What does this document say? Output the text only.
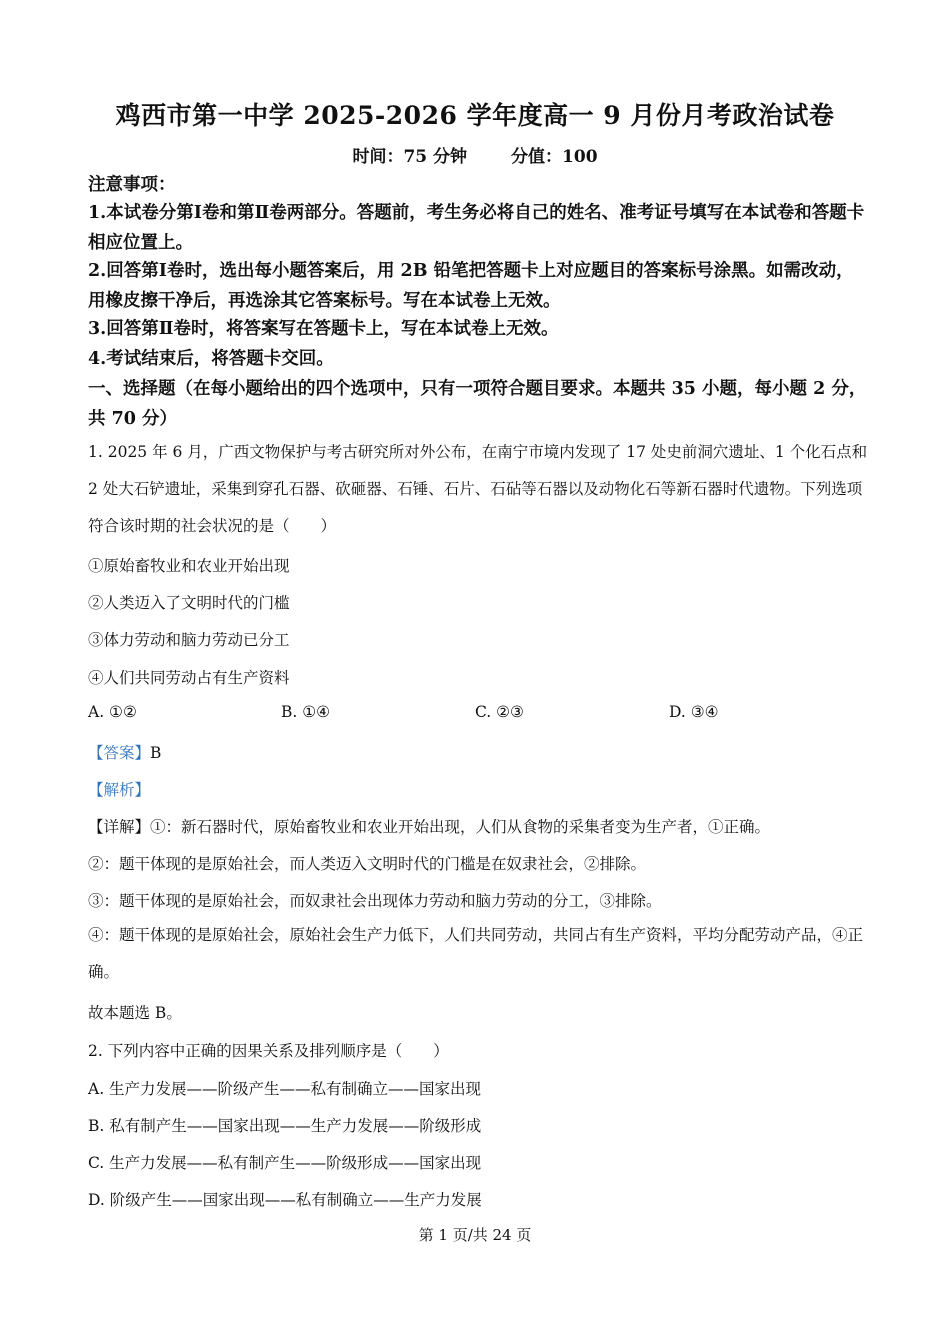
鸡西市第一中学 2025-2026 学年度高一 9 月份月考政治试卷
时间：75 分钟	分值：100
注意事项：
1.本试卷分第Ⅰ卷和第Ⅱ卷两部分。答题前，考生务必将自己的姓名、准考证号填写在本试卷和答题卡相应位置上。
2.回答第Ⅰ卷时，选出每小题答案后，用 2B 铅笔把答题卡上对应题目的答案标号涂黑。如需改动，用橡皮擦干净后，再选涂其它答案标号。写在本试卷上无效。
3.回答第Ⅱ卷时，将答案写在答题卡上，写在本试卷上无效。
4.考试结束后，将答题卡交回。
一、选择题（在每小题给出的四个选项中，只有一项符合题目要求。本题共 35 小题，每小题 2 分，共 70 分）
1. 2025 年 6 月，广西文物保护与考古研究所对外公布，在南宁市境内发现了 17 处史前洞穴遗址、1 个化石点和 2 处大石铲遗址，采集到穿孔石器、砍砸器、石锤、石片、石砧等石器以及动物化石等新石器时代遗物。下列选项符合该时期的社会状况的是（　　）
①原始畜牧业和农业开始出现
②人类迈入了文明时代的门槛
③体力劳动和脑力劳动已分工
④人们共同劳动占有生产资料
A. ①②	B. ①④	C. ②③	D. ③④
【答案】B
【解析】
【详解】①：新石器时代，原始畜牧业和农业开始出现，人们从食物的采集者变为生产者，①正确。
②：题干体现的是原始社会，而人类迈入文明时代的门槛是在奴隶社会，②排除。
③：题干体现的是原始社会，而奴隶社会出现体力劳动和脑力劳动的分工，③排除。
④：题干体现的是原始社会，原始社会生产力低下，人们共同劳动，共同占有生产资料，平均分配劳动产品，④正确。
故本题选 B。
2. 下列内容中正确的因果关系及排列顺序是（　　）
A. 生产力发展——阶级产生——私有制确立——国家出现
B. 私有制产生——国家出现——生产力发展——阶级形成
C. 生产力发展——私有制产生——阶级形成——国家出现
D. 阶级产生——国家出现——私有制确立——生产力发展
第 1 页/共 24 页
